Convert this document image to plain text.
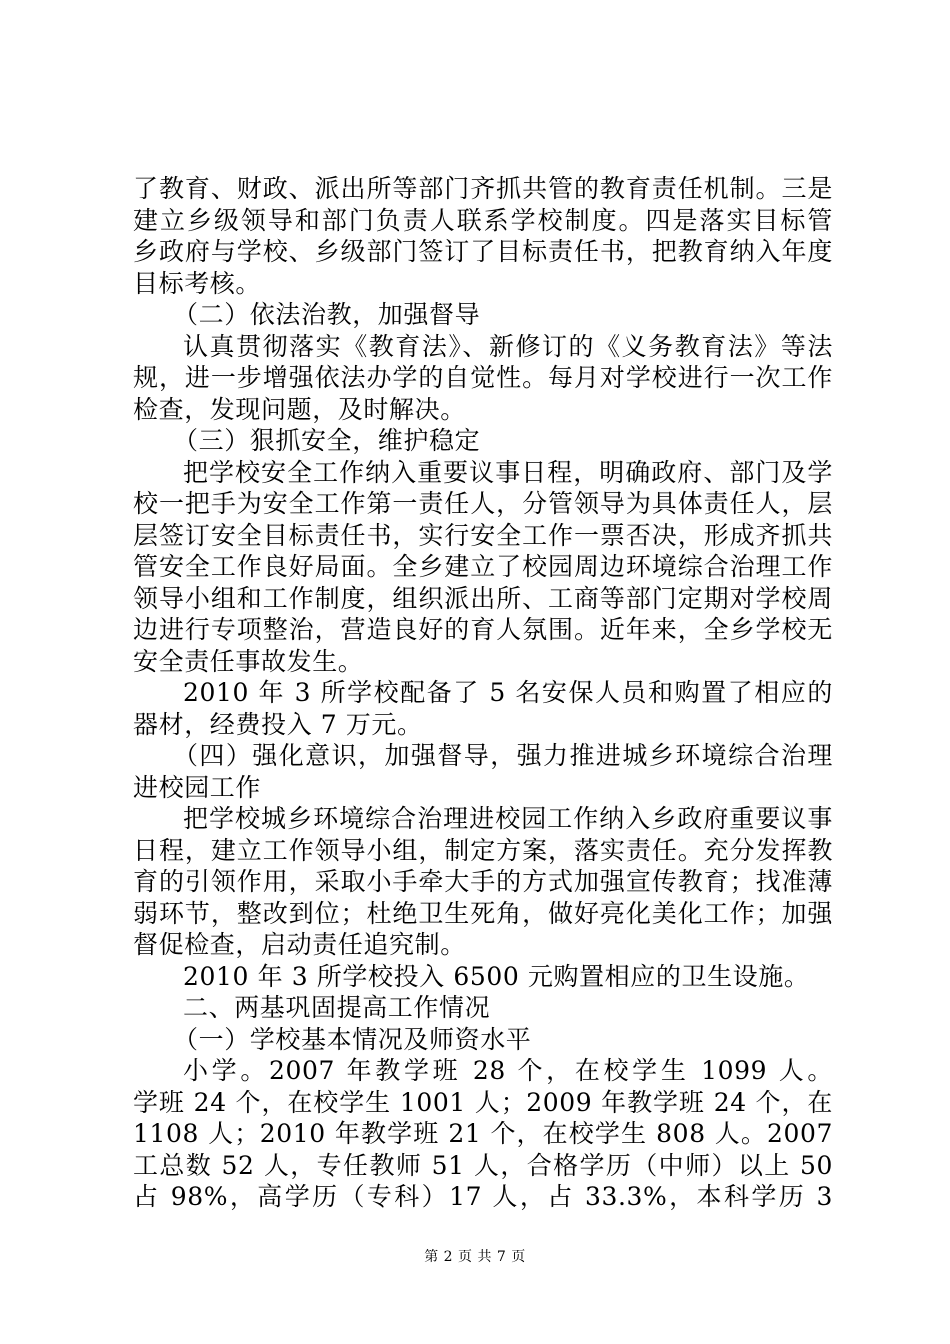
了教育、财政、派出所等部门齐抓共管的教育责任机制。三是
建立乡级领导和部门负责人联系学校制度。四是落实目标管
乡政府与学校、乡级部门签订了目标责任书，把教育纳入年度
目标考核。
（二）依法治教，加强督导
认真贯彻落实《教育法》、新修订的《义务教育法》等法
规，进一步增强依法办学的自觉性。每月对学校进行一次工作
检查，发现问题，及时解决。
（三）狠抓安全，维护稳定
把学校安全工作纳入重要议事日程，明确政府、部门及学
校一把手为安全工作第一责任人，分管领导为具体责任人，层
层签订安全目标责任书，实行安全工作一票否决，形成齐抓共
管安全工作良好局面。全乡建立了校园周边环境综合治理工作
领导小组和工作制度，组织派出所、工商等部门定期对学校周
边进行专项整治，营造良好的育人氛围。近年来，全乡学校无
安全责任事故发生。
2010 年 3 所学校配备了 5 名安保人员和购置了相应的
器材，经费投入 7 万元。
（四）强化意识，加强督导，强力推进城乡环境综合治理
进校园工作
把学校城乡环境综合治理进校园工作纳入乡政府重要议事
日程，建立工作领导小组，制定方案，落实责任。充分发挥教
育的引领作用，采取小手牵大手的方式加强宣传教育；找准薄
弱环节，整改到位；杜绝卫生死角，做好亮化美化工作；加强
督促检查，启动责任追究制。
2010 年 3 所学校投入 6500 元购置相应的卫生设施。
二、两基巩固提高工作情况
（一）学校基本情况及师资水平
小学。2007 年教学班 28 个，在校学生 1099 人。
学班 24 个，在校学生 1001 人；2009 年教学班 24 个，在
1108 人；2010 年教学班 21 个，在校学生 808 人。2007
工总数 52 人，专任教师 51 人，合格学历（中师）以上 50
占 98%，高学历（专科）17 人，占 33.3%，本科学历 3
第 2 页 共 7 页
